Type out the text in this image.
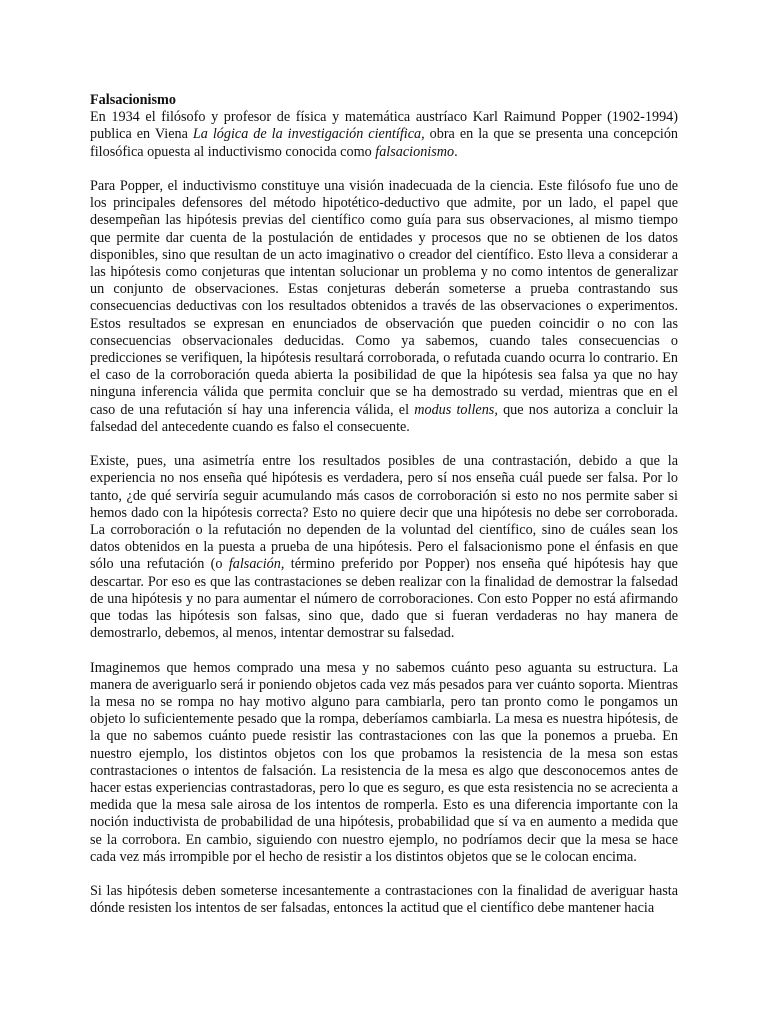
Falsacionismo

En 1934 el filósofo y profesor de física y matemática austríaco Karl Raimund Popper (1902-1994) publica en Viena La lógica de la investigación científica, obra en la que se presenta una concepción filosófica opuesta al inductivismo conocida como falsacionismo.

Para Popper, el inductivismo constituye una visión inadecuada de la ciencia. Este filósofo fue uno de los principales defensores del método hipotético-deductivo que admite, por un lado, el papel que desempeñan las hipótesis previas del científico como guía para sus observaciones, al mismo tiempo que permite dar cuenta de la postulación de entidades y procesos que no se obtienen de los datos disponibles, sino que resultan de un acto imaginativo o creador del científico. Esto lleva a considerar a las hipótesis como conjeturas que intentan solucionar un problema y no como intentos de generalizar un conjunto de observaciones. Estas conjeturas deberán someterse a prueba contrastando sus consecuencias deductivas con los resultados obtenidos a través de las observaciones o experimentos. Estos resultados se expresan en enunciados de observación que pueden coincidir o no con las consecuencias observacionales deducidas. Como ya sabemos, cuando tales consecuencias o predicciones se verifiquen, la hipótesis resultará corroborada, o refutada cuando ocurra lo contrario. En el caso de la corroboración queda abierta la posibilidad de que la hipótesis sea falsa ya que no hay ninguna inferencia válida que permita concluir que se ha demostrado su verdad, mientras que en el caso de una refutación sí hay una inferencia válida, el modus tollens, que nos autoriza a concluir la falsedad del antecedente cuando es falso el consecuente.

Existe, pues, una asimetría entre los resultados posibles de una contrastación, debido a que la experiencia no nos enseña qué hipótesis es verdadera, pero sí nos enseña cuál puede ser falsa. Por lo tanto, ¿de qué serviría seguir acumulando más casos de corroboración si esto no nos permite saber si hemos dado con la hipótesis correcta? Esto no quiere decir que una hipótesis no debe ser corroborada. La corroboración o la refutación no dependen de la voluntad del científico, sino de cuáles sean los datos obtenidos en la puesta a prueba de una hipótesis. Pero el falsacionismo pone el énfasis en que sólo una refutación (o falsación, término preferido por Popper) nos enseña qué hipótesis hay que descartar. Por eso es que las contrastaciones se deben realizar con la finalidad de demostrar la falsedad de una hipótesis y no para aumentar el número de corroboraciones. Con esto Popper no está afirmando que todas las hipótesis son falsas, sino que, dado que si fueran verdaderas no hay manera de demostrarlo, debemos, al menos, intentar demostrar su falsedad.

Imaginemos que hemos comprado una mesa y no sabemos cuánto peso aguanta su estructura. La manera de averiguarlo será ir poniendo objetos cada vez más pesados para ver cuánto soporta. Mientras la mesa no se rompa no hay motivo alguno para cambiarla, pero tan pronto como le pongamos un objeto lo suficientemente pesado que la rompa, deberíamos cambiarla. La mesa es nuestra hipótesis, de la que no sabemos cuánto puede resistir las contrastaciones con las que la ponemos a prueba. En nuestro ejemplo, los distintos objetos con los que probamos la resistencia de la mesa son estas contrastaciones o intentos de falsación. La resistencia de la mesa es algo que desconocemos antes de hacer estas experiencias contrastadoras, pero lo que es seguro, es que esta resistencia no se acrecienta a medida que la mesa sale airosa de los intentos de romperla. Esto es una diferencia importante con la noción inductivista de probabilidad de una hipótesis, probabilidad que sí va en aumento a medida que se la corrobora. En cambio, siguiendo con nuestro ejemplo, no podríamos decir que la mesa se hace cada vez más irrompible por el hecho de resistir a los distintos objetos que se le colocan encima.

Si las hipótesis deben someterse incesantemente a contrastaciones con la finalidad de averiguar hasta dónde resisten los intentos de ser falsadas, entonces la actitud que el científico debe mantener hacia
